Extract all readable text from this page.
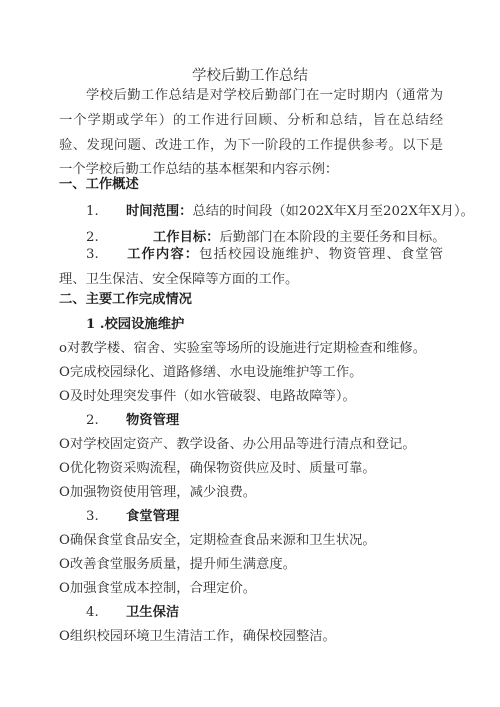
学校后勤工作总结
学校后勤工作总结是对学校后勤部门在一定时期内（通常为一个学期或学年）的工作进行回顾、分析和总结，旨在总结经验、发现问题、改进工作，为下一阶段的工作提供参考。以下是一个学校后勤工作总结的基本框架和内容示例：
一、工作概述
1. 时间范围：总结的时间段（如202X年X月至202X年X月）。
2.	工作目标：后勤部门在本阶段的主要任务和目标。
3. 工作内容：包括校园设施维护、物资管理、食堂管理、卫生保洁、安全保障等方面的工作。
二、主要工作完成情况
1 .校园设施维护
o对教学楼、宿舍、实验室等场所的设施进行定期检查和维修。
O完成校园绿化、道路修缮、水电设施维护等工作。
O及时处理突发事件（如水管破裂、电路故障等）。
2. 物资管理
O对学校固定资产、教学设备、办公用品等进行清点和登记。
O优化物资采购流程，确保物资供应及时、质量可靠。
O加强物资使用管理，减少浪费。
3. 食堂管理
O确保食堂食品安全，定期检查食品来源和卫生状况。
O改善食堂服务质量，提升师生满意度。
O加强食堂成本控制，合理定价。
4. 卫生保洁
O组织校园环境卫生清洁工作，确保校园整洁。
